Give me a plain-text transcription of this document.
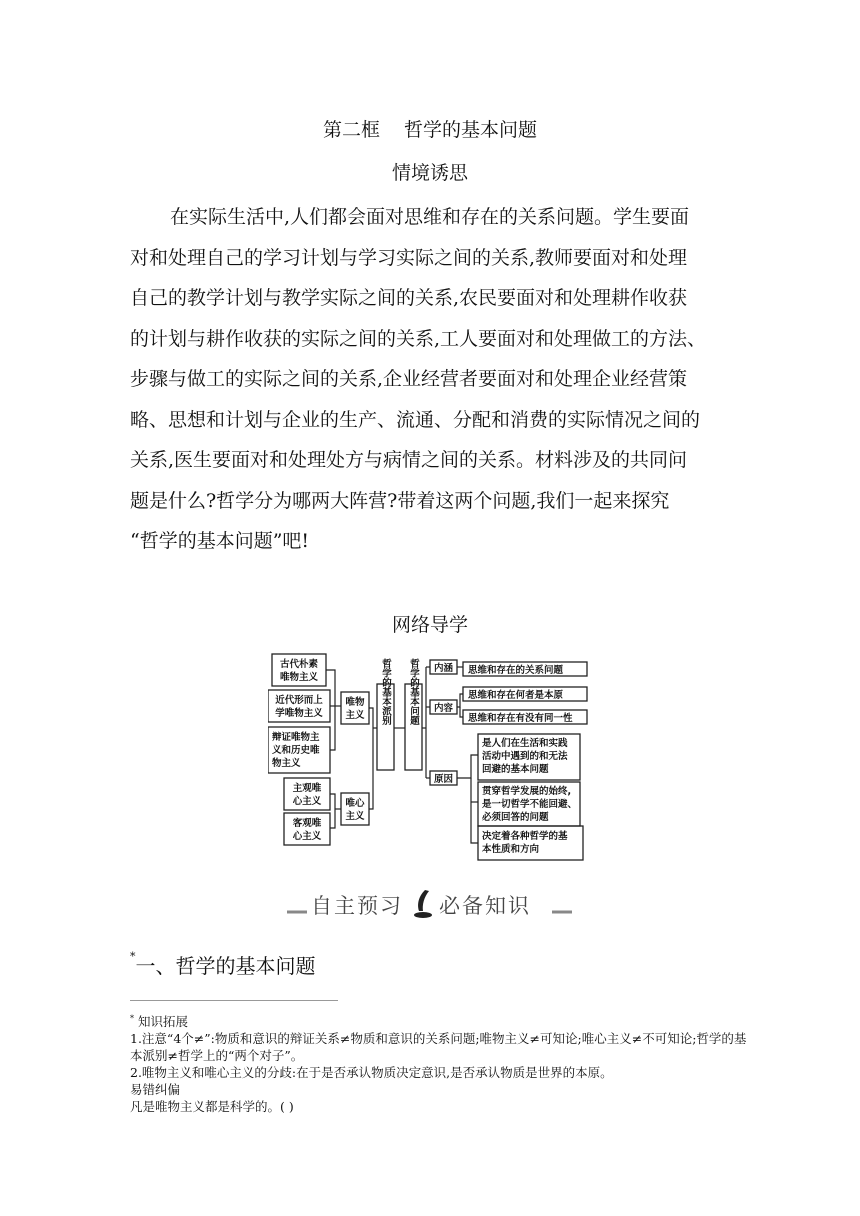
第二框 哲学的基本问题
情境诱思

在实际生活中,人们都会面对思维和存在的关系问题。学生要面

对和处理自己的学习计划与学习实际之间的关系,教师要面对和处理

自己的教学计划与教学实际之间的关系,农民要面对和处理耕作收获

的计划与耕作收获的实际之间的关系,工人要面对和处理做工的方法、

步骤与做工的实际之间的关系,企业经营者要面对和处理企业经营策

略、思想和计划与企业的生产、流通、分配和消费的实际情况之间的

关系,医生要面对和处理处方与病情之间的关系。材料涉及的共同问

题是什么?哲学分为哪两大阵营?带着这两个问题,我们一起来探究

“哲学的基本问题”吧!

网络导学
古代朴素
唯物主义
近代形而上
学唯物主义
辩证唯物主
义和历史唯
物主义
主观唯
心主义
客观唯
心主义
唯物
主义
唯心
主义
哲学的基本派别 哲学的基本问题 内涵
内容
原因
思维和存在的关系问题
思维和存在何者是本原
思维和存在有没有同一性
是人们在生活和实践
活动中遇到的和无法
回避的基本问题
贯穿哲学发展的始终,
是一切哲学不能回避、
必须回答的问题
决定着各种哲学的基
本性质和方向
自主预习 必备知识
*一、哲学的基本问题

* 知识拓展

1.注意“4个≠”:物质和意识的辩证关系≠物质和意识的关系问题;唯物主义≠可知论;唯心主义≠不可知论;哲学的基本派别≠哲学上的“两个对子”。

2.唯物主义和唯心主义的分歧:在于是否承认物质决定意识,是否承认物质是世界的本原。

易错纠偏

凡是唯物主义都是科学的。( )
